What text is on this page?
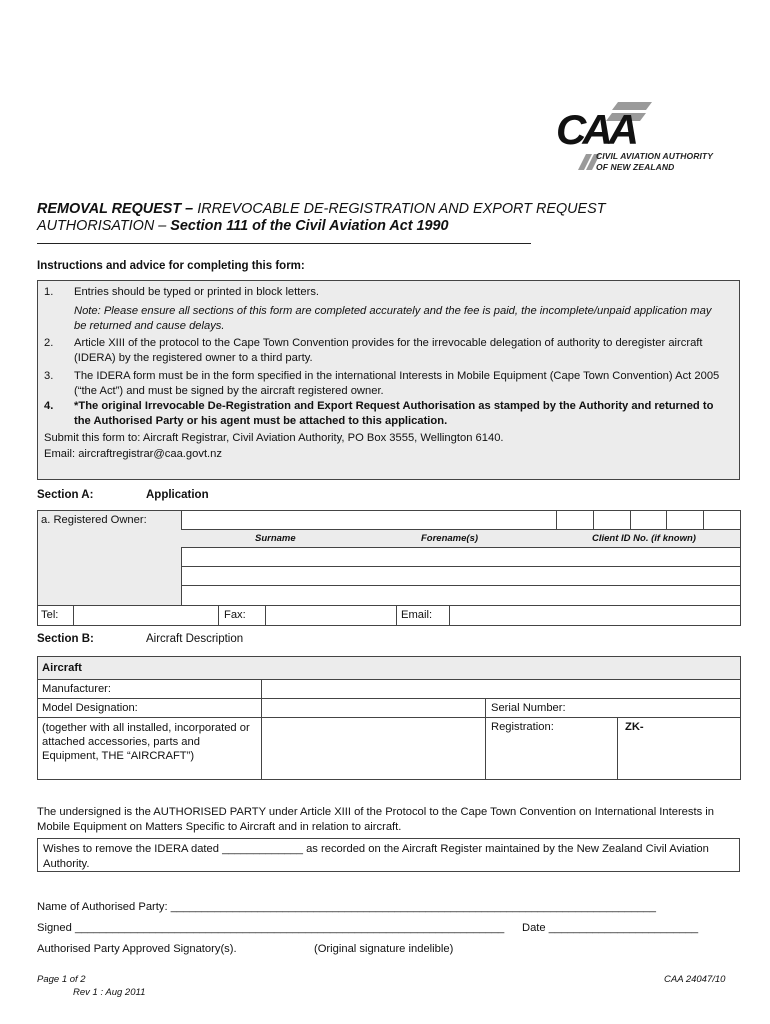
CAA
CIVIL AVIATION AUTHORITY
OF NEW ZEALAND
REMOVAL REQUEST – IRREVOCABLE DE-REGISTRATION AND EXPORT REQUEST AUTHORISATION – Section 111 of the Civil Aviation Act 1990
Instructions and advice for completing this form:
1. Entries should be typed or printed in block letters.
Note: Please ensure all sections of this form are completed accurately and the fee is paid, the incomplete/unpaid application may be returned and cause delays.
2. Article XIII of the protocol to the Cape Town Convention provides for the irrevocable delegation of authority to deregister aircraft (IDERA) by the registered owner to a third party.
3. The IDERA form must be in the form specified in the international Interests in Mobile Equipment (Cape Town Convention) Act 2005 (“the Act”) and must be signed by the aircraft registered owner.
4. *The original Irrevocable De-Registration and Export Request Authorisation as stamped by the Authority and returned to the Authorised Party or his agent must be attached to this application.
Submit this form to: Aircraft Registrar, Civil Aviation Authority, PO Box 3555, Wellington 6140.
Email: aircraftregistrar@caa.govt.nz
Section A:	Application
a. Registered Owner:
Surname	Forename(s)	Client ID No. (if known)
Tel:	Fax:	Email:
Section B:	Aircraft Description
Aircraft
Manufacturer:
Model Designation:	Serial Number:
(together with all installed, incorporated or attached accessories, parts and Equipment, THE “AIRCRAFT”)
Registration:	ZK-
The undersigned is the AUTHORISED PARTY under Article XIII of the Protocol to the Cape Town Convention on International Interests in Mobile Equipment on Matters Specific to Aircraft and in relation to aircraft.
Wishes to remove the IDERA dated _____________ as recorded on the Aircraft Register maintained by the New Zealand Civil Aviation Authority.
Name of Authorised Party: ______________________________________________________________________________
Signed _____________________________________________________________________ Date ________________________
Authorised Party Approved Signatory(s).	(Original signature indelible)
Page 1 of 2
Rev 1 : Aug 2011
CAA 24047/10
